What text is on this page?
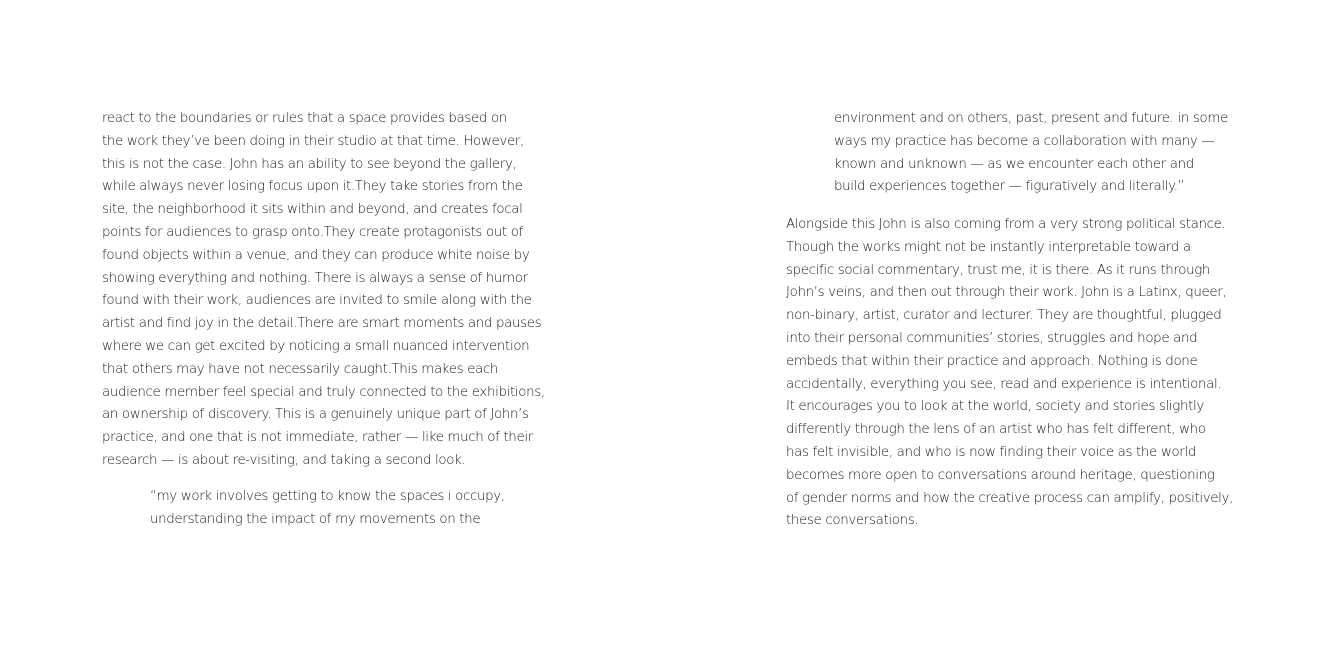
react to the boundaries or rules that a space provides based on
the work they’ve been doing in their studio at that time. However,
this is not the case. John has an ability to see beyond the gallery,
while always never losing focus upon it.They take stories from the
site, the neighborhood it sits within and beyond, and creates focal
points for audiences to grasp onto.They create protagonists out of
found objects within a venue, and they can produce white noise by
showing everything and nothing. There is always a sense of humor
found with their work, audiences are invited to smile along with the
artist and find joy in the detail.There are smart moments and pauses
where we can get excited by noticing a small nuanced intervention
that others may have not necessarily caught.This makes each
audience member feel special and truly connected to the exhibitions,
an ownership of discovery. This is a genuinely unique part of John’s
practice, and one that is not immediate, rather — like much of their
research — is about re-visiting, and taking a second look.
“my work involves getting to know the spaces i occupy,
understanding the impact of my movements on the
environment and on others, past, present and future. in some
ways my practice has become a collaboration with many —
known and unknown — as we encounter each other and
build experiences together — figuratively and literally.”
Alongside this John is also coming from a very strong political stance.
Though the works might not be instantly interpretable toward a
specific social commentary, trust me, it is there. As it runs through
John’s veins, and then out through their work. John is a Latinx, queer,
non-binary, artist, curator and lecturer. They are thoughtful, plugged
into their personal communities’ stories, struggles and hope and
embeds that within their practice and approach. Nothing is done
accidentally, everything you see, read and experience is intentional.
It encourages you to look at the world, society and stories slightly
differently through the lens of an artist who has felt different, who
has felt invisible, and who is now finding their voice as the world
becomes more open to conversations around heritage, questioning
of gender norms and how the creative process can amplify, positively,
these conversations.
